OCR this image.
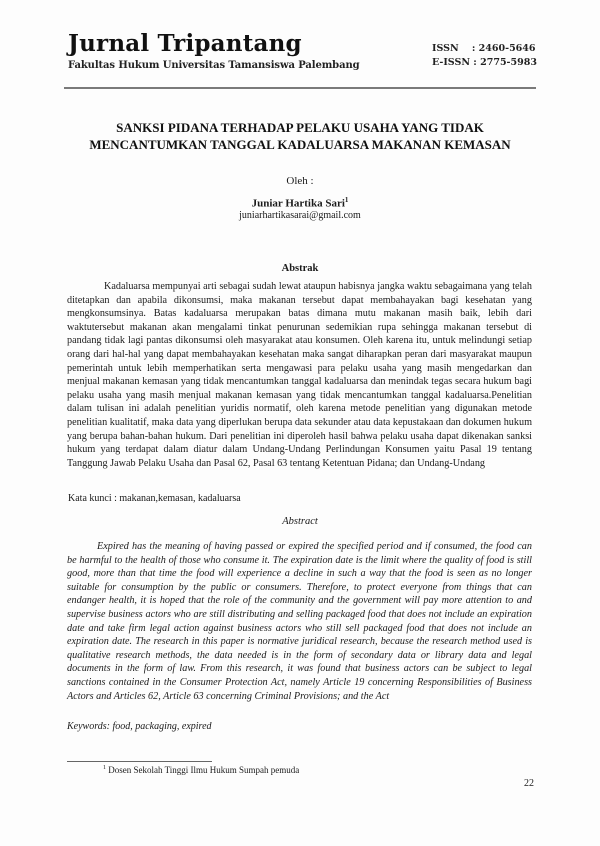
Jurnal Tripantang
Fakultas Hukum Universitas Tamansiswa Palembang
ISSN    : 2460-5646
E-ISSN : 2775-5983
SANKSI PIDANA TERHADAP PELAKU USAHA YANG TIDAK
MENCANTUMKAN TANGGAL KADALUARSA MAKANAN KEMASAN
Oleh :
Juniar Hartika Sari$^1$
juniarhartikasarai@gmail.com
Abstrak
Kadaluarsa mempunyai arti sebagai sudah lewat ataupun habisnya jangka waktu sebagaimana yang telah ditetapkan dan apabila dikonsumsi, maka makanan tersebut dapat membahayakan bagi kesehatan yang mengkonsumsinya. Batas kadaluarsa merupakan batas dimana mutu makanan masih baik, lebih dari waktutersebut makanan akan mengalami tinkat penurunan sedemikian rupa sehingga makanan tersebut di pandang tidak lagi pantas dikonsumsi oleh masyarakat atau konsumen. Oleh karena itu, untuk melindungi setiap orang dari hal-hal yang dapat membahayakan kesehatan maka sangat diharapkan peran dari masyarakat maupun pemerintah untuk lebih memperhatikan serta mengawasi para pelaku usaha yang masih mengedarkan dan menjual makanan kemasan yang tidak mencantumkan tanggal kadaluarsa dan menindak tegas secara hukum bagi pelaku usaha yang masih menjual makanan kemasan yang tidak mencantumkan tanggal kadaluarsa.Penelitian dalam tulisan ini adalah penelitian yuridis normatif, oleh karena metode penelitian yang digunakan metode penelitian kualitatif, maka data yang diperlukan berupa data sekunder atau data kepustakaan dan dokumen hukum yang berupa bahan-bahan hukum. Dari penelitian ini diperoleh hasil bahwa pelaku usaha dapat dikenakan sanksi hukum yang terdapat dalam diatur dalam Undang-Undang Perlindungan Konsumen yaitu Pasal 19 tentang Tanggung Jawab Pelaku Usaha dan Pasal 62, Pasal 63 tentang Ketentuan Pidana; dan Undang-Undang
Kata kunci : makanan,kemasan, kadaluarsa
Abstract
Expired has the meaning of having passed or expired the specified period and if consumed, the food can be harmful to the health of those who consume it. The expiration date is the limit where the quality of food is still good, more than that time the food will experience a decline in such a way that the food is seen as no longer suitable for consumption by the public or consumers. Therefore, to protect everyone from things that can endanger health, it is hoped that the role of the community and the government will pay more attention to and supervise business actors who are still distributing and selling packaged food that does not include an expiration date and take firm legal action against business actors who still sell packaged food that does not include an expiration date. The research in this paper is normative juridical research, because the research method used is qualitative research methods, the data needed is in the form of secondary data or library data and legal documents in the form of law. From this research, it was found that business actors can be subject to legal sanctions contained in the Consumer Protection Act, namely Article 19 concerning Responsibilities of Business Actors and Articles 62, Article 63 concerning Criminal Provisions; and the Act
Keywords: food, packaging, expired
$^1$ Dosen Sekolah Tinggi Ilmu Hukum Sumpah pemuda
22
